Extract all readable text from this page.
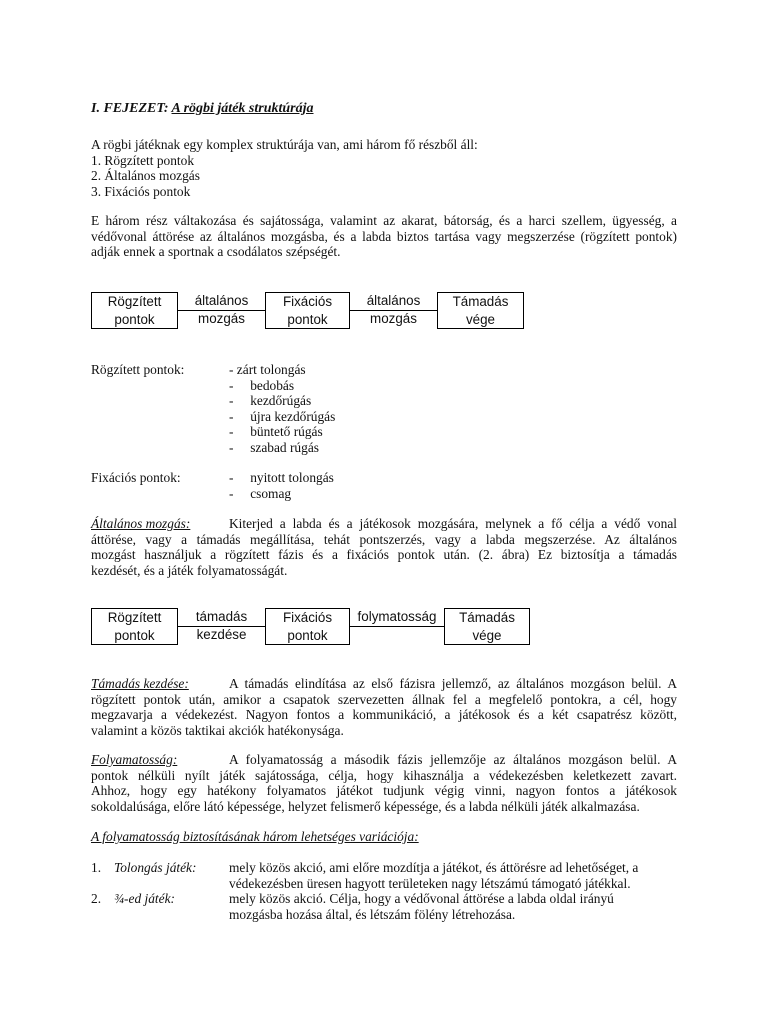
I. FEJEZET: A rögbi játék struktúrája
A rögbi játéknak egy komplex struktúrája van, ami három fő részből áll:
1. Rögzített pontok
2. Általános mozgás
3. Fixációs pontok
E három rész váltakozása és sajátossága, valamint az akarat, bátorság, és a harci szellem, ügyesség, a védővonal áttörése az általános mozgásba, és a labda biztos tartása vagy megszerzése (rögzített pontok) adják ennek a sportnak a csodálatos szépségét.
Rögzített
pontok
általános
mozgás
Fixációs
pontok
általános
mozgás
Támadás
vége
Rögzített pontok:	- zárt tolongás
-     bedobás
-     kezdőrúgás
-     újra kezdőrúgás
-     büntető rúgás
-     szabad rúgás
Fixációs pontok:	-     nyitott tolongás
-     csomag
Általános mozgás:	Kiterjed a labda és a játékosok mozgására, melynek a fő célja a védő vonal
áttörése, vagy a támadás megállítása, tehát pontszerzés, vagy a labda megszerzése. Az általános
mozgást használjuk a rögzített fázis és a fixációs pontok után. (2. ábra) Ez biztosítja a támadás
kezdését, és a játék folyamatosságát.
Rögzített
pontok
támadás
kezdése
Fixációs
pontok
folymatosság	Támadás
vége
Támadás kezdése:	A támadás elindítása az első fázisra jellemző, az általános mozgáson belül. A
rögzített pontok után, amikor a csapatok szervezetten állnak fel a megfelelő pontokra, a cél, hogy
megzavarja a védekezést. Nagyon fontos a kommunikáció, a játékosok és a két csapatrész között,
valamint a közös taktikai akciók hatékonysága.
Folyamatosság:	A folyamatosság a második fázis jellemzője az általános mozgáson belül. A
pontok nélküli nyílt játék sajátossága, célja, hogy kihasználja a védekezésben keletkezett zavart.
Ahhoz, hogy egy hatékony folyamatos játékot tudjunk végig vinni, nagyon fontos a játékosok
sokoldalúsága, előre látó képessége, helyzet felismerő képessége, és a labda nélküli játék alkalmazása.
A folyamatosság biztosításának három lehetséges variációja:
1. Tolongás játék: mely közös akció, ami előre mozdítja a játékot, és áttörésre ad lehetőséget, a
védekezésben üresen hagyott területeken nagy létszámú támogató játékkal.
2. ¾-ed játék:	mely közös akció. Célja, hogy a védővonal áttörése a labda oldal irányú
mozgásba hozása által, és létszám fölény létrehozása.
